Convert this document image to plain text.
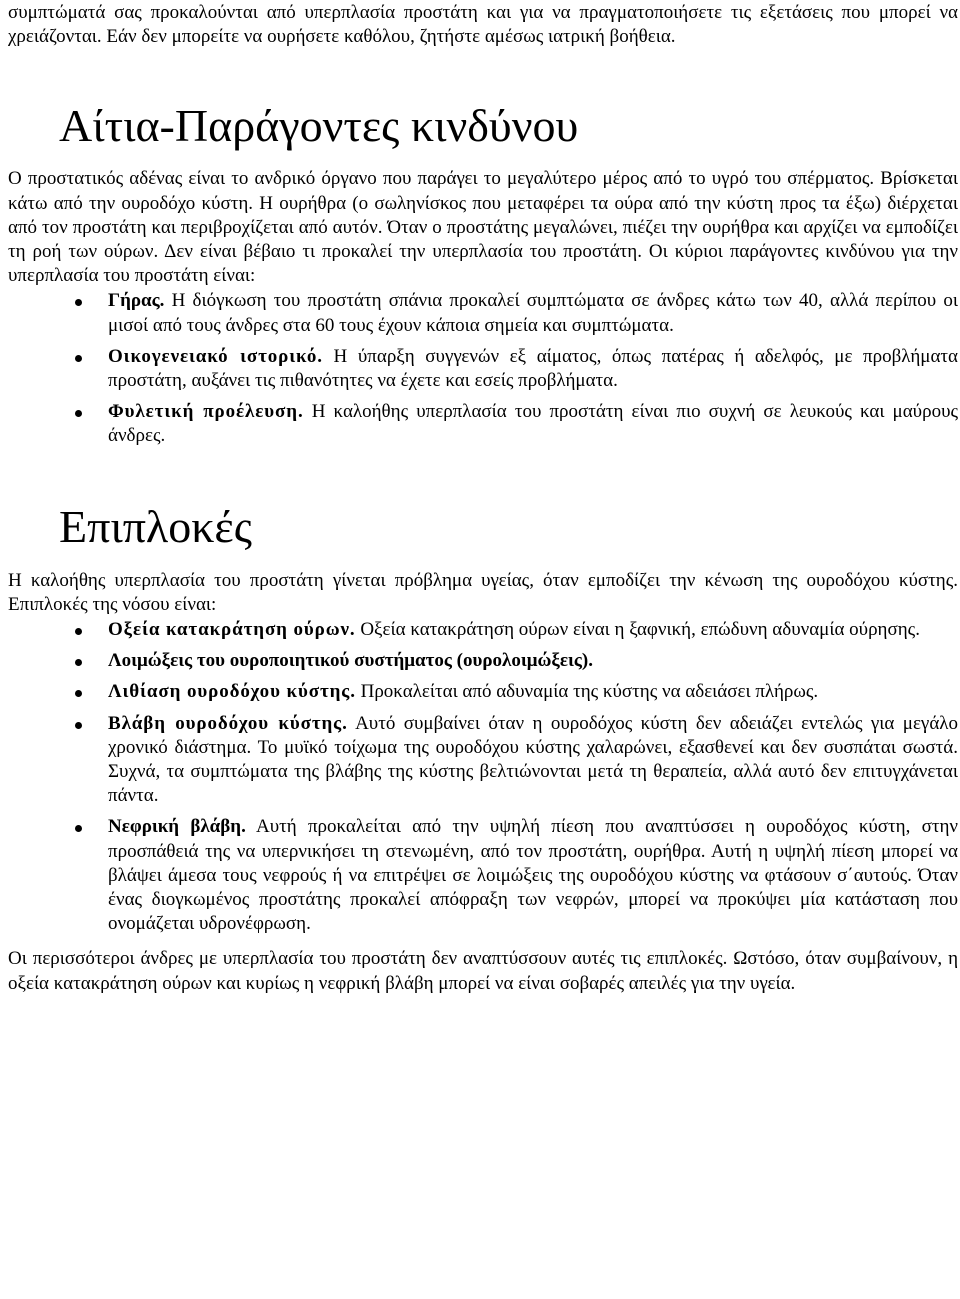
συμπτώματά σας προκαλούνται από υπερπλασία προστάτη και για να πραγματοποιήσετε τις εξετάσεις που μπορεί να χρειάζονται. Εάν δεν μπορείτε να ουρήσετε καθόλου, ζητήστε αμέσως ιατρική βοήθεια.

Αίτια-Παράγοντες κινδύνου

Ο προστατικός αδένας είναι το ανδρικό όργανο που παράγει το μεγαλύτερο μέρος από το υγρό του σπέρματος. Βρίσκεται κάτω από την ουροδόχο κύστη. Η ουρήθρα (ο σωληνίσκος που μεταφέρει τα ούρα από την κύστη προς τα έξω) διέρχεται από τον προστάτη και περιβροχίζεται από αυτόν. Όταν ο προστάτης μεγαλώνει, πιέζει την ουρήθρα και αρχίζει να εμποδίζει τη ροή των ούρων. Δεν είναι βέβαιο τι προκαλεί την υπερπλασία του προστάτη. Οι κύριοι παράγοντες κινδύνου για την υπερπλασία του προστάτη είναι:

Γήρας. Η διόγκωση του προστάτη σπάνια προκαλεί συμπτώματα σε άνδρες κάτω των 40, αλλά περίπου οι μισοί από τους άνδρες στα 60 τους έχουν κάποια σημεία και συμπτώματα.
Οικογενειακό ιστορικό. Η ύπαρξη συγγενών εξ αίματος, όπως πατέρας ή αδελφός, με προβλήματα προστάτη, αυξάνει τις πιθανότητες να έχετε και εσείς προβλήματα.
Φυλετική προέλευση. Η καλοήθης υπερπλασία του προστάτη είναι πιο συχνή σε λευκούς και μαύρους άνδρες.
Επιπλοκές

Η καλοήθης υπερπλασία του προστάτη γίνεται πρόβλημα υγείας, όταν εμποδίζει την κένωση της ουροδόχου κύστης. Επιπλοκές της νόσου είναι:

Οξεία κατακράτηση ούρων. Οξεία κατακράτηση ούρων είναι η ξαφνική, επώδυνη αδυναμία ούρησης.
Λοιμώξεις του ουροποιητικού συστήματος (ουρολοιμώξεις).
Λιθίαση ουροδόχου κύστης. Προκαλείται από αδυναμία της κύστης να αδειάσει πλήρως.
Βλάβη ουροδόχου κύστης. Αυτό συμβαίνει όταν η ουροδόχος κύστη δεν αδειάζει εντελώς για μεγάλο χρονικό διάστημα. Το μυϊκό τοίχωμα της ουροδόχου κύστης χαλαρώνει, εξασθενεί και δεν συσπάται σωστά. Συχνά, τα συμπτώματα της βλάβης της κύστης βελτιώνονται μετά τη θεραπεία, αλλά αυτό δεν επιτυγχάνεται πάντα.
Νεφρική βλάβη. Αυτή προκαλείται από την υψηλή πίεση που αναπτύσσει η ουροδόχος κύστη, στην προσπάθειά της να υπερνικήσει τη στενωμένη, από τον προστάτη, ουρήθρα. Αυτή η υψηλή πίεση μπορεί να βλάψει άμεσα τους νεφρούς ή να επιτρέψει σε λοιμώξεις της ουροδόχου κύστης να φτάσουν σ΄αυτούς. Όταν ένας διογκωμένος προστάτης προκαλεί απόφραξη των νεφρών, μπορεί να προκύψει μία κατάσταση που ονομάζεται υδρονέφρωση.

Οι περισσότεροι άνδρες με υπερπλασία του προστάτη δεν αναπτύσσουν αυτές τις επιπλοκές. Ωστόσο, όταν συμβαίνουν, η οξεία κατακράτηση ούρων και κυρίως η νεφρική βλάβη μπορεί να είναι σοβαρές απειλές για την υγεία.
